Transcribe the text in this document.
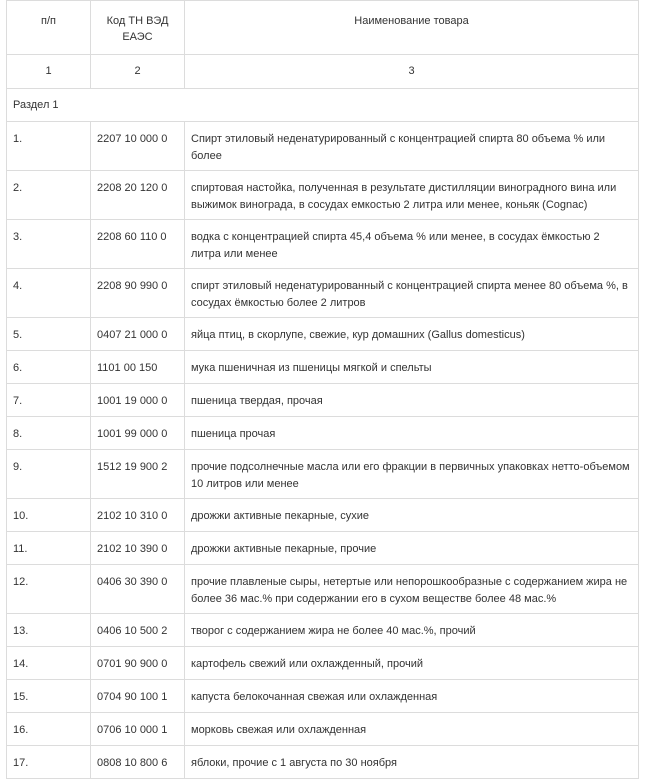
п/п	Код ТН ВЭД ЕАЭС	Наименование товара
1	2	3
Раздел 1		
1.	2207 10 000 0	Спирт этиловый неденатурированный с концентрацией спирта 80 объема % или более
2.	2208 20 120 0	спиртовая настойка, полученная в результате дистилляции виноградного вина или выжимок винограда, в сосудах емкостью 2 литра или менее, коньяк (Cognac)
3.	2208 60 110 0	водка с концентрацией спирта 45,4 объема % или менее, в сосудах ёмкостью 2 литра или менее
4.	2208 90 990 0	спирт этиловый неденатурированный с концентрацией спирта менее 80 объема %, в сосудах ёмкостью более 2 литров
5.	0407 21 000 0	яйца птиц, в скорлупе, свежие, кур домашних (Gallus domesticus)
6.	1101 00 150	мука пшеничная из пшеницы мягкой и спельты
7.	1001 19 000 0	пшеница твердая, прочая
8.	1001 99 000 0	пшеница прочая
9.	1512 19 900 2	прочие подсолнечные масла или его фракции в первичных упаковках нетто-объемом 10 литров или менее
10.	2102 10 310 0	дрожжи активные пекарные, сухие
11.	2102 10 390 0	дрожжи активные пекарные, прочие
12.	0406 30 390 0	прочие плавленые сыры, нетертые или непорошкообразные с содержанием жира не более 36 мас.% при содержании его в сухом веществе более 48 мас.%
13.	0406 10 500 2	творог с содержанием жира не более 40 мас.%, прочий
14.	0701 90 900 0	картофель свежий или охлажденный, прочий
15.	0704 90 100 1	капуста белокочанная свежая или охлажденная
16.	0706 10 000 1	морковь свежая или охлажденная
17.	0808 10 800 6	яблоки, прочие с 1 августа по 30 ноября
